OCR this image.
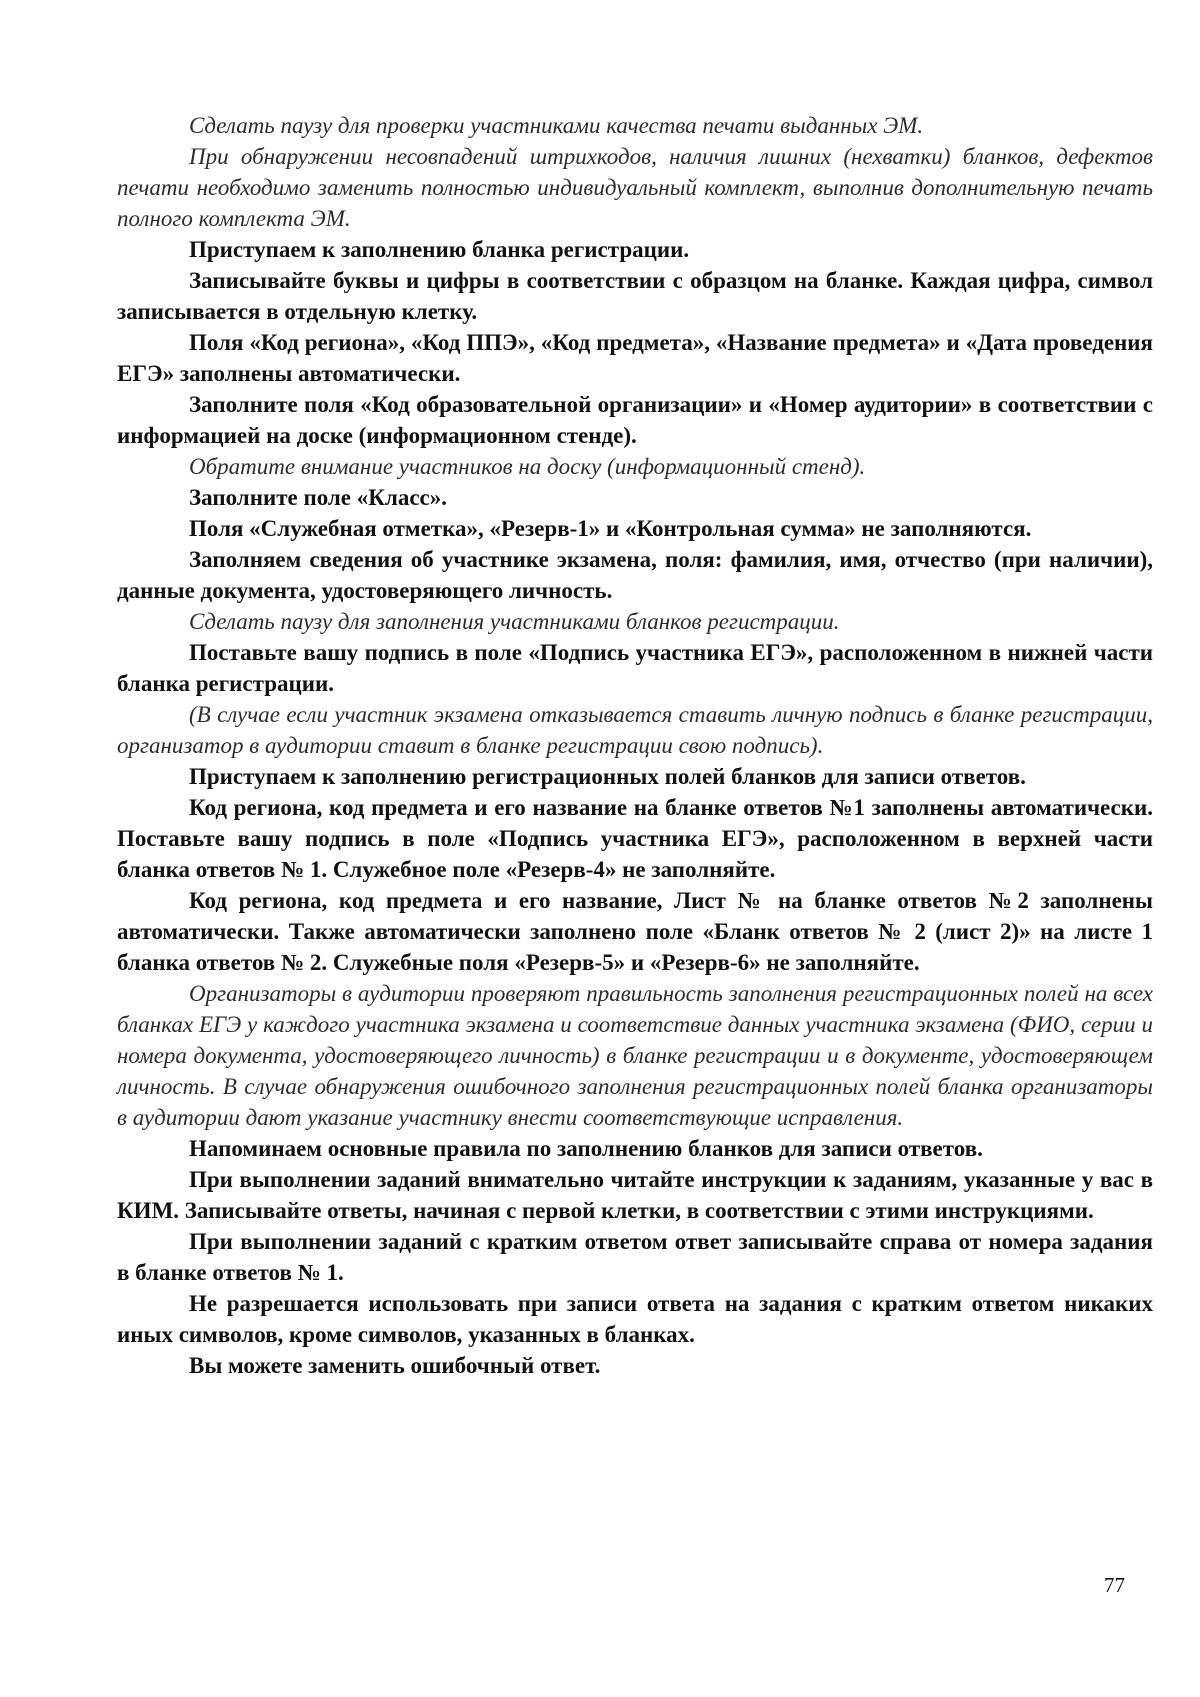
Сделать паузу для проверки участниками качества печати выданных ЭМ.

При обнаружении несовпадений штрихкодов, наличия лишних (нехватки) бланков, дефектов печати необходимо заменить полностью индивидуальный комплект, выполнив дополнительную печать полного комплекта ЭМ.

Приступаем к заполнению бланка регистрации.

Записывайте буквы и цифры в соответствии с образцом на бланке. Каждая цифра, символ записывается в отдельную клетку.

Поля «Код региона», «Код ППЭ», «Код предмета», «Название предмета» и «Дата проведения ЕГЭ» заполнены автоматически.

Заполните поля «Код образовательной организации» и «Номер аудитории» в соответствии с информацией на доске (информационном стенде).

Обратите внимание участников на доску (информационный стенд).

Заполните поле «Класс».

Поля «Служебная отметка», «Резерв-1» и «Контрольная сумма» не заполняются.

Заполняем сведения об участнике экзамена, поля: фамилия, имя, отчество (при наличии), данные документа, удостоверяющего личность.

Сделать паузу для заполнения участниками бланков регистрации.

Поставьте вашу подпись в поле «Подпись участника ЕГЭ», расположенном в нижней части бланка регистрации.

(В случае если участник экзамена отказывается ставить личную подпись в бланке регистрации, организатор в аудитории ставит в бланке регистрации свою подпись).

Приступаем к заполнению регистрационных полей бланков для записи ответов.

Код региона, код предмета и его название на бланке ответов №1 заполнены автоматически. Поставьте вашу подпись в поле «Подпись участника ЕГЭ», расположенном в верхней части бланка ответов № 1. Служебное поле «Резерв-4» не заполняйте.

Код региона, код предмета и его название, Лист № на бланке ответов №2 заполнены автоматически. Также автоматически заполнено поле «Бланк ответов № 2 (лист 2)» на листе 1 бланка ответов № 2. Служебные поля «Резерв-5» и «Резерв-6» не заполняйте.

Организаторы в аудитории проверяют правильность заполнения регистрационных полей на всех бланках ЕГЭ у каждого участника экзамена и соответствие данных участника экзамена (ФИО, серии и номера документа, удостоверяющего личность) в бланке регистрации и в документе, удостоверяющем личность. В случае обнаружения ошибочного заполнения регистрационных полей бланка организаторы в аудитории дают указание участнику внести соответствующие исправления.

Напоминаем основные правила по заполнению бланков для записи ответов.

При выполнении заданий внимательно читайте инструкции к заданиям, указанные у вас в КИМ. Записывайте ответы, начиная с первой клетки, в соответствии с этими инструкциями.

При выполнении заданий с кратким ответом ответ записывайте справа от номера задания в бланке ответов № 1.

Не разрешается использовать при записи ответа на задания с кратким ответом никаких иных символов, кроме символов, указанных в бланках.

Вы можете заменить ошибочный ответ.

77
